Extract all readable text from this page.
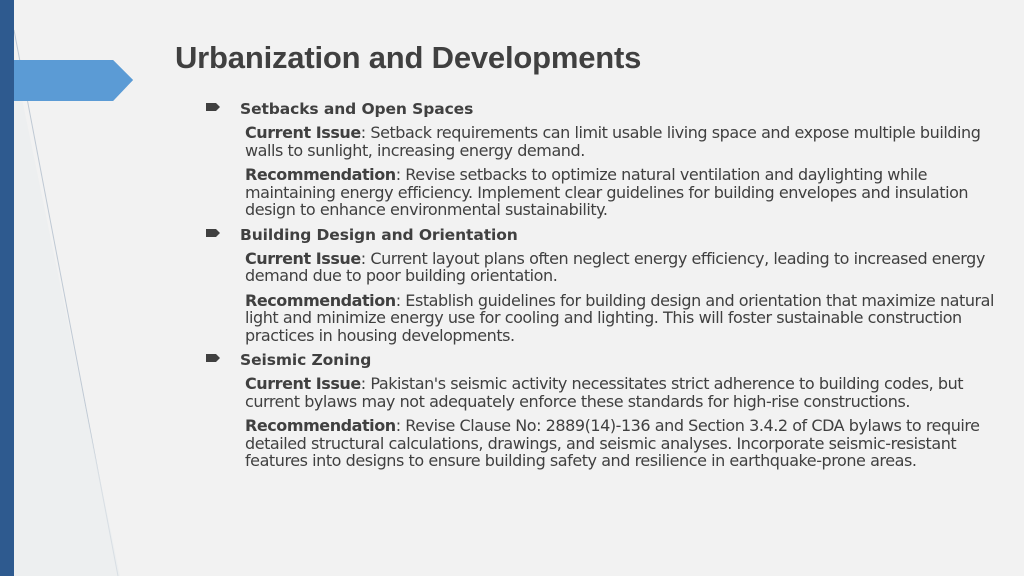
Urbanization and Developments
Setbacks and Open Spaces
Current Issue: Setback requirements can limit usable living space and expose multiple building walls to sunlight, increasing energy demand.
Recommendation: Revise setbacks to optimize natural ventilation and daylighting while maintaining energy efficiency. Implement clear guidelines for building envelopes and insulation design to enhance environmental sustainability.
Building Design and Orientation
Current Issue: Current layout plans often neglect energy efficiency, leading to increased energy demand due to poor building orientation.
Recommendation: Establish guidelines for building design and orientation that maximize natural light and minimize energy use for cooling and lighting. This will foster sustainable construction practices in housing developments.
Seismic Zoning
Current Issue: Pakistan's seismic activity necessitates strict adherence to building codes, but current bylaws may not adequately enforce these standards for high-rise constructions.
Recommendation: Revise Clause No: 2889(14)-136 and Section 3.4.2 of CDA bylaws to require detailed structural calculations, drawings, and seismic analyses. Incorporate seismic-resistant features into designs to ensure building safety and resilience in earthquake-prone areas.
